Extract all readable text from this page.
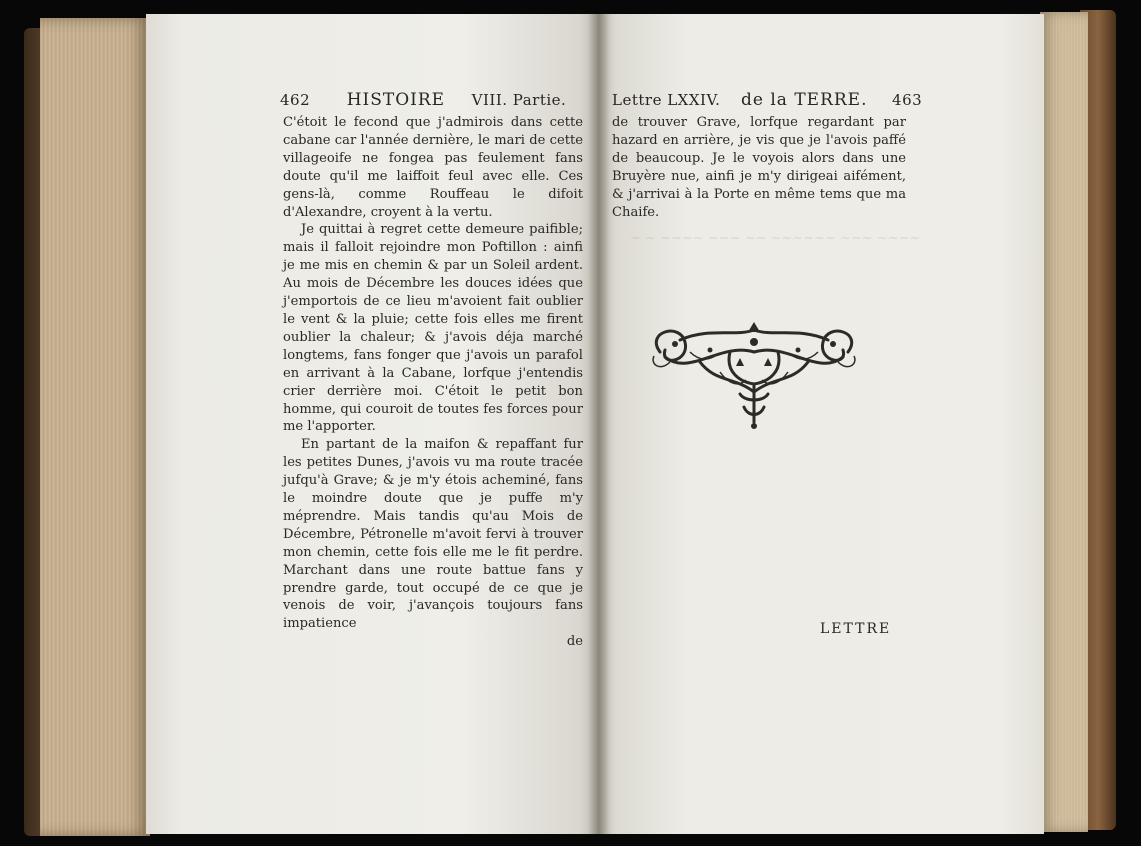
462 HISTOIRE VIII. Partie.	Lettre LXXIV. de la TERRE. 463

C'étoit le fecond que j'admirois dans cette cabane car l'année dernière, le mari de cette villageoife ne fongea pas feulement fans doute qu'il me laiffoit feul avec elle. Ces gens-là, comme Rouffeau le difoit d'Alexandre, croyent à la vertu.

Je quittai à regret cette demeure paifible; mais il falloit rejoindre mon Poftillon : ainfi je me mis en chemin & par un Soleil ardent. Au mois de Décembre les douces idées que j'emportois de ce lieu m'avoient fait oublier le vent & la pluie; cette fois elles me firent oublier la chaleur; & j'avois déja marché longtems, fans fonger que j'avois un parafol en arrivant à la Cabane, lorfque j'entendis crier derrière moi. C'étoit le petit bon homme, qui couroit de toutes fes forces pour me l'apporter.

En partant de la maifon & repaffant fur les petites Dunes, j'avois vu ma route tracée jufqu'à Grave; & je m'y étois acheminé, fans le moindre doute que je puffe m'y méprendre. Mais tandis qu'au Mois de Décembre, Pétronelle m'avoit fervi à trouver mon chemin, cette fois elle me le fit perdre. Marchant dans une route battue fans y prendre garde, tout occupé de ce que je venois de voir, j'avançois toujours fans impatience

de

de trouver Grave, lorfque regardant par hazard en arrière, je vis que je l'avois paffé de beaucoup. Je le voyois alors dans une Bruyère nue, ainfi je m'y dirigeai aifément, & j'arrivai à la Porte en même tems que ma Chaife.

LETTRE
